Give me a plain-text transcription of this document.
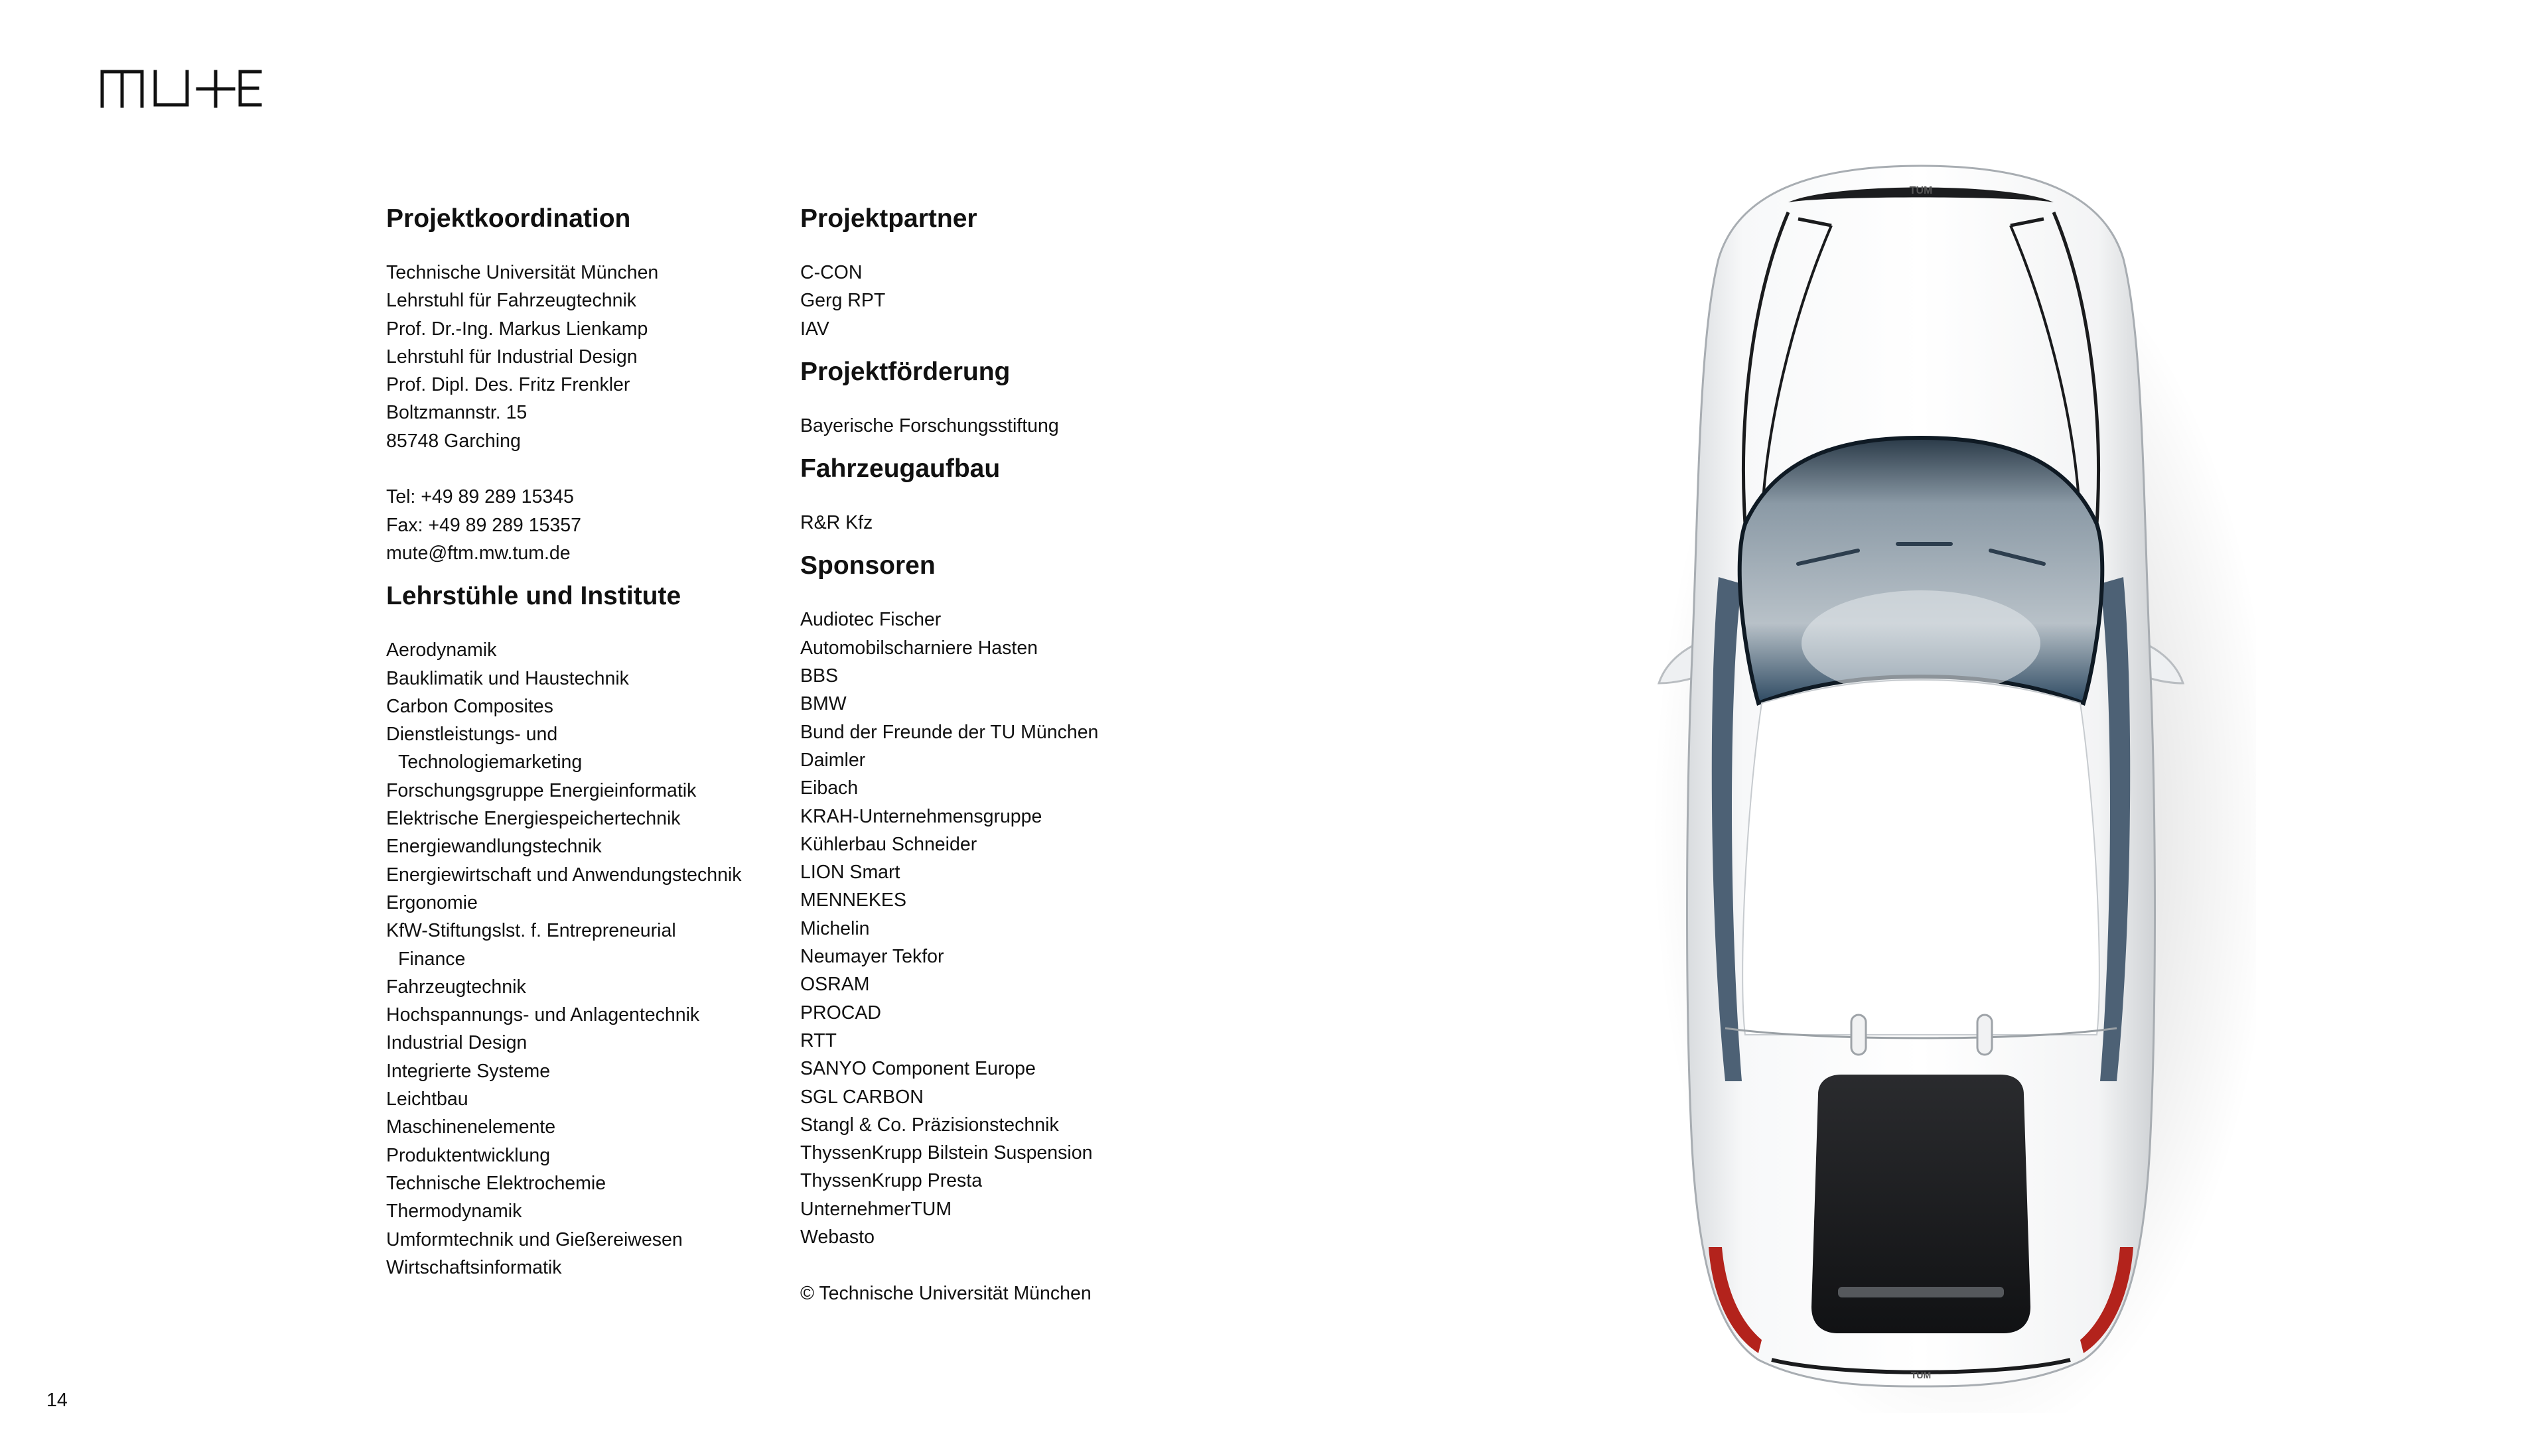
Projektkoordination
Technische Universität München
Lehrstuhl für Fahrzeugtechnik
Prof. Dr.-Ing. Markus Lienkamp
Lehrstuhl für Industrial Design
Prof. Dipl. Des. Fritz Frenkler
Boltzmannstr. 15
85748 Garching
Tel: +49 89 289 15345
Fax: +49 89 289 15357
mute@ftm.mw.tum.de
Lehrstühle und Institute
Aerodynamik
Bauklimatik und Haustechnik
Carbon Composites
Dienstleistungs- und
Technologiemarketing
Forschungsgruppe Energieinformatik
Elektrische Energiespeichertechnik
Energiewandlungstechnik
Energiewirtschaft und Anwendungstechnik
Ergonomie
KfW-Stiftungslst. f. Entrepreneurial
Finance
Fahrzeugtechnik
Hochspannungs- und Anlagentechnik
Industrial Design
Integrierte Systeme
Leichtbau
Maschinenelemente
Produktentwicklung
Technische Elektrochemie
Thermodynamik
Umformtechnik und Gießereiwesen
Wirtschaftsinformatik
Projektpartner
C-CON
Gerg RPT
IAV
Projektförderung
Bayerische Forschungsstiftung
Fahrzeugaufbau
R&R Kfz
Sponsoren
Audiotec Fischer
Automobilscharniere Hasten
BBS
BMW
Bund der Freunde der TU München
Daimler
Eibach
KRAH-Unternehmensgruppe
Kühlerbau Schneider
LION Smart
MENNEKES
Michelin
Neumayer Tekfor
OSRAM
PROCAD
RTT
SANYO Component Europe
SGL CARBON
Stangl & Co. Präzisionstechnik
ThyssenKrupp Bilstein Suspension
ThyssenKrupp Presta
UnternehmerTUM
Webasto
© Technische Universität München
14
TUM
TUM
